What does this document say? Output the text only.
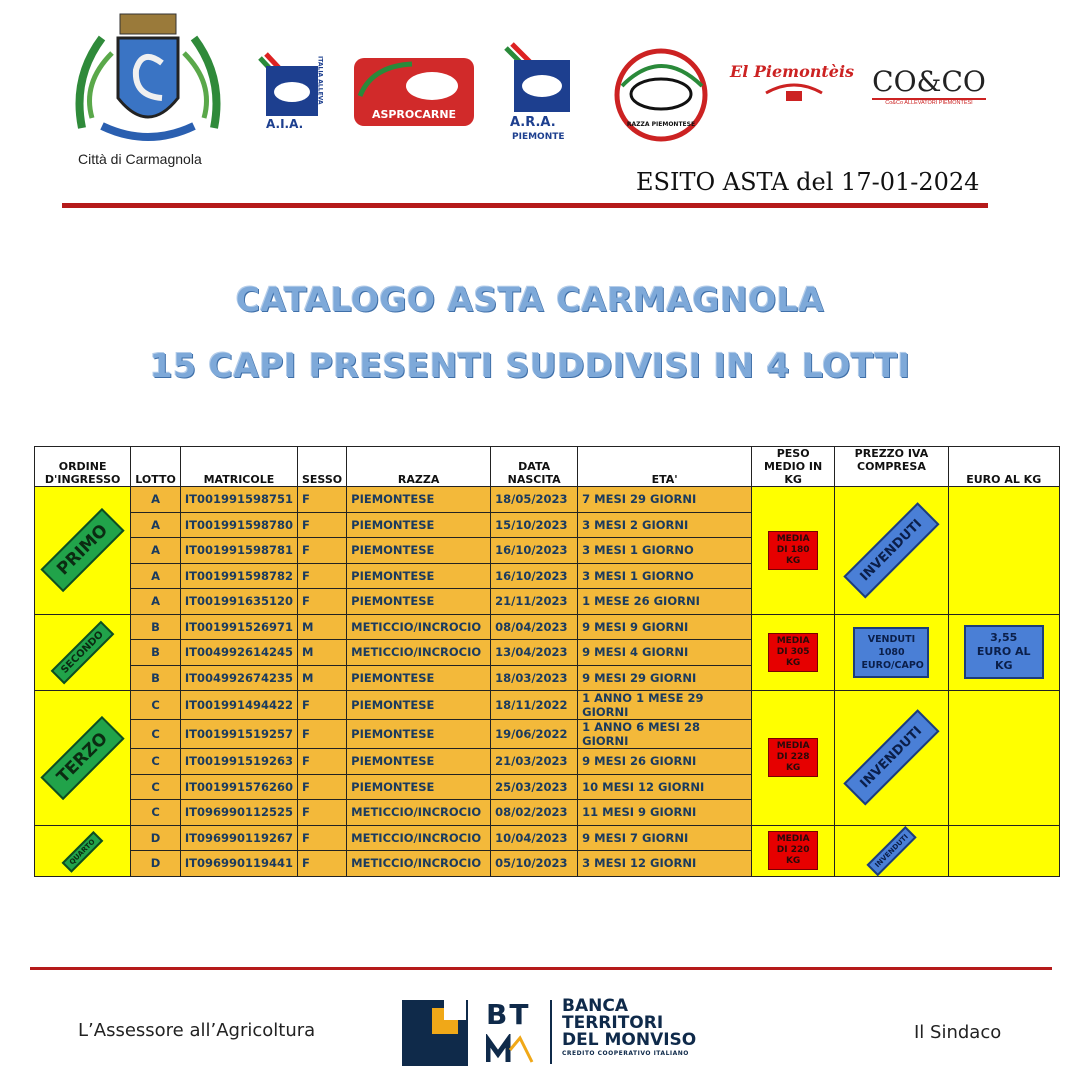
Città di Carmagnola
ITALIA ALLEVA
A.I.A.
ASPROCARNE
A.R.A.
PIEMONTE
RAZZA PIEMONTESE
El Piemontèis CO&CO
Co&Co ALLEVATORI PIEMONTESI
ESITO ASTA del 17-01-2024
CATALOGO ASTA CARMAGNOLA
15 CAPI PRESENTI SUDDIVISI IN 4 LOTTI
ORDINE D'INGRESSO	LOTTO	MATRICOLE	SESSO	RAZZA	DATA NASCITA	ETA'	PESO MEDIO IN KG	PREZZO IVA COMPRESA	EURO AL KG
PRIMO	A	IT001991598751	F	PIEMONTESE	18/05/2023	7 MESI 29 GIORNI	MEDIA DI 180 KG	INVENDUTI	
	A	IT001991598780	F	PIEMONTESE	15/10/2023	3 MESI 2 GIORNI			
	A	IT001991598781	F	PIEMONTESE	16/10/2023	3 MESI 1 GIORNO			
	A	IT001991598782	F	PIEMONTESE	16/10/2023	3 MESI 1 GIORNO			
	A	IT001991635120	F	PIEMONTESE	21/11/2023	1 MESE 26 GIORNI			
SECONDO	B	IT001991526971	M	METICCIO/INCROCIO	08/04/2023	9 MESI 9 GIORNI	MEDIA DI 305 KG	VENDUTI 1080 EURO/CAPO	3,55 EURO AL KG
	B	IT004992614245	M	METICCIO/INCROCIO	13/04/2023	9 MESI 4 GIORNI			
	B	IT004992674235	M	PIEMONTESE	18/03/2023	9 MESI 29 GIORNI			
TERZO	C	IT001991494422	F	PIEMONTESE	18/11/2022	1 ANNO 1 MESE 29 GIORNI	MEDIA DI 228 KG	INVENDUTI	
	C	IT001991519257	F	PIEMONTESE	19/06/2022	1 ANNO 6 MESI 28 GIORNI			
	C	IT001991519263	F	PIEMONTESE	21/03/2023	9 MESI 26 GIORNI			
	C	IT001991576260	F	PIEMONTESE	25/03/2023	10 MESI 12 GIORNI			
	C	IT096990112525	F	METICCIO/INCROCIO	08/02/2023	11 MESI 9 GIORNI			
QUARTO	D	IT096990119267	F	METICCIO/INCROCIO	10/04/2023	9 MESI 7 GIORNI	MEDIA DI 220 KG	INVENDUTI	
	D	IT096990119441	F	METICCIO/INCROCIO	05/10/2023	3 MESI 12 GIORNI			
L’Assessore all’Agricoltura	Il Sindaco
BT BANCA
TERRITORI
DEL MONVISO
CREDITO COOPERATIVO ITALIANO
